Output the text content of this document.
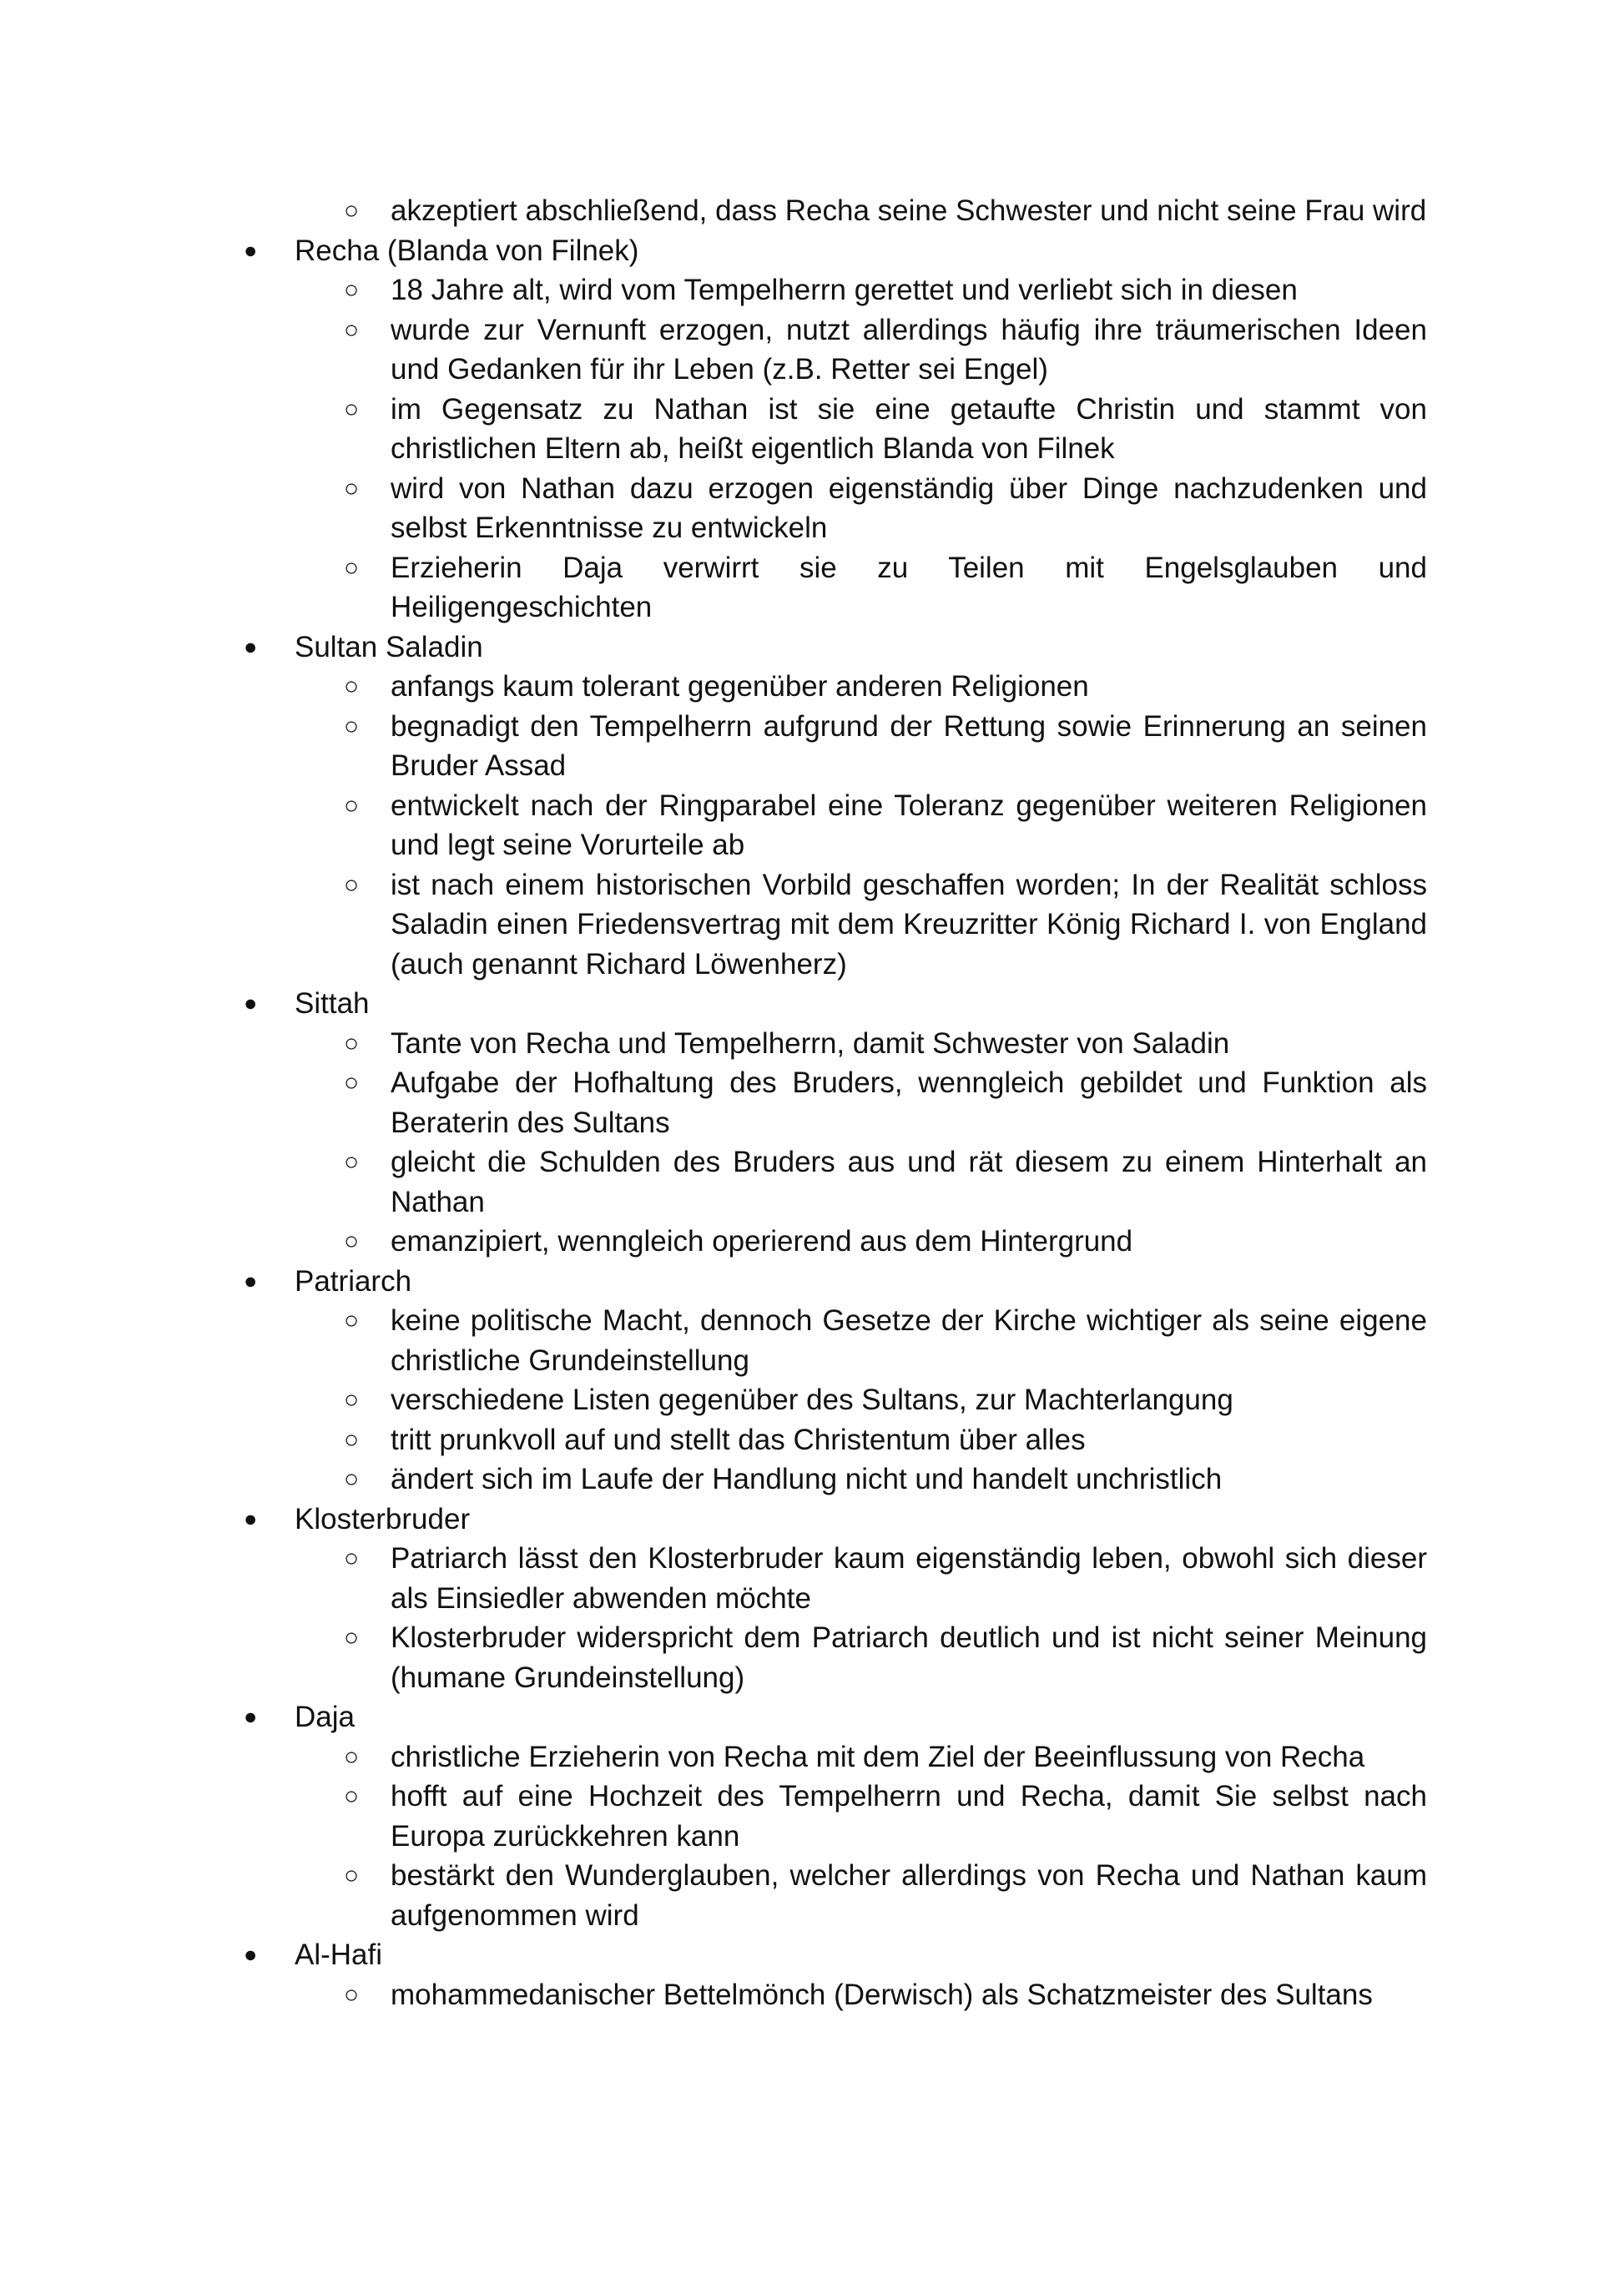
○ akzeptiert abschließend, dass Recha seine Schwester und nicht seine Frau wird
● Recha (Blanda von Filnek)
○ 18 Jahre alt, wird vom Tempelherrn gerettet und verliebt sich in diesen
○ wurde zur Vernunft erzogen, nutzt allerdings häufig ihre träumerischen Ideen und Gedanken für ihr Leben (z.B. Retter sei Engel)
○ im Gegensatz zu Nathan ist sie eine getaufte Christin und stammt von christlichen Eltern ab, heißt eigentlich Blanda von Filnek
○ wird von Nathan dazu erzogen eigenständig über Dinge nachzudenken und selbst Erkenntnisse zu entwickeln
○ Erzieherin Daja verwirrt sie zu Teilen mit Engelsglauben und Heiligengeschichten
● Sultan Saladin
○ anfangs kaum tolerant gegenüber anderen Religionen
○ begnadigt den Tempelherrn aufgrund der Rettung sowie Erinnerung an seinen Bruder Assad
○ entwickelt nach der Ringparabel eine Toleranz gegenüber weiteren Religionen und legt seine Vorurteile ab
○ ist nach einem historischen Vorbild geschaffen worden; In der Realität schloss Saladin einen Friedensvertrag mit dem Kreuzritter König Richard I. von England (auch genannt Richard Löwenherz)
● Sittah
○ Tante von Recha und Tempelherrn, damit Schwester von Saladin
○ Aufgabe der Hofhaltung des Bruders, wenngleich gebildet und Funktion als Beraterin des Sultans
○ gleicht die Schulden des Bruders aus und rät diesem zu einem Hinterhalt an Nathan
○ emanzipiert, wenngleich operierend aus dem Hintergrund
● Patriarch
○ keine politische Macht, dennoch Gesetze der Kirche wichtiger als seine eigene christliche Grundeinstellung
○ verschiedene Listen gegenüber des Sultans, zur Machterlangung
○ tritt prunkvoll auf und stellt das Christentum über alles
○ ändert sich im Laufe der Handlung nicht und handelt unchristlich
● Klosterbruder
○ Patriarch lässt den Klosterbruder kaum eigenständig leben, obwohl sich dieser als Einsiedler abwenden möchte
○ Klosterbruder widerspricht dem Patriarch deutlich und ist nicht seiner Meinung (humane Grundeinstellung)
● Daja
○ christliche Erzieherin von Recha mit dem Ziel der Beeinflussung von Recha
○ hofft auf eine Hochzeit des Tempelherrn und Recha, damit Sie selbst nach Europa zurückkehren kann
○ bestärkt den Wunderglauben, welcher allerdings von Recha und Nathan kaum aufgenommen wird
● Al-Hafi
○ mohammedanischer Bettelmönch (Derwisch) als Schatzmeister des Sultans
